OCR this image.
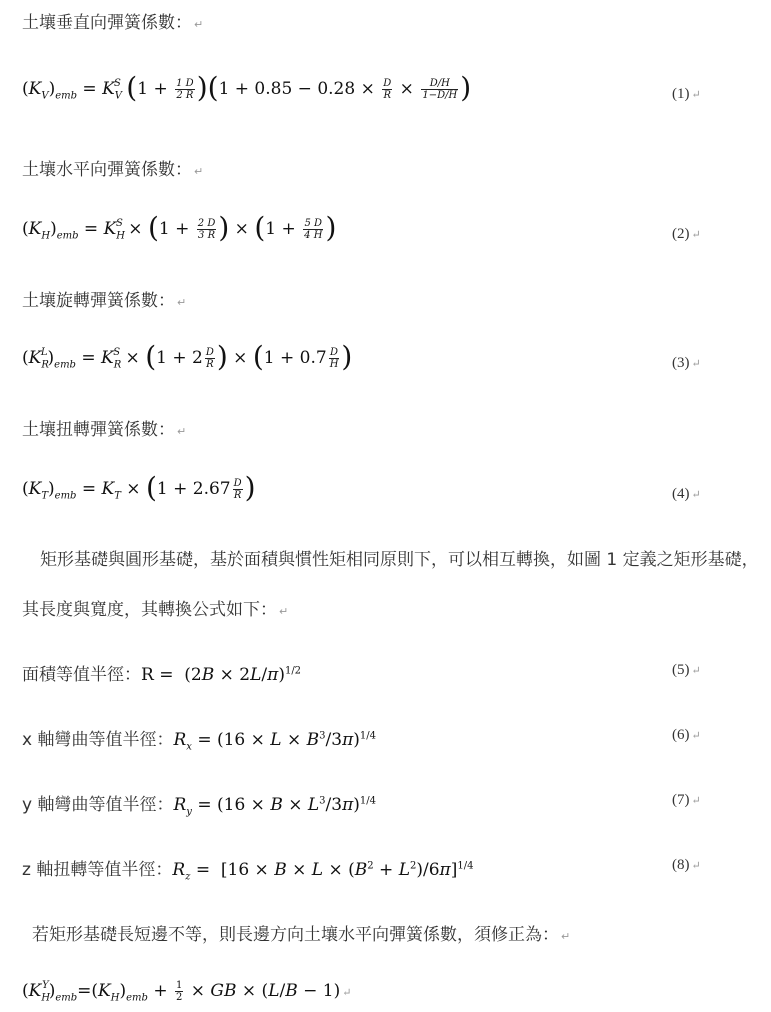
土壤垂直向彈簧係數： ↵
$(K_V)_{emb} = K_V^S$ $(1 + \frac{1 D}{2 R} )(1 + 0.85 - 0.28 \times \frac{D}{R} \times \frac{D/H}{1-D/H}$ )	(1) ↵
土壤水平向彈簧係數： ↵
$(K_H)_{emb} = K_H^S \times (1 + \frac{2 D}{3 R}$ ) × ($1 + \frac{5 D}{4 H}$ )	(2) ↵
土壤旋轉彈簧係數： ↵
$(K_R^L)_{emb} = K_R^S \times (1 + 2 \frac{D}{R}$ ) × ($1 + 0.7 \frac{D}{H}$ )	(3) ↵
土壤扭轉彈簧係數： ↵
$(K_T)_{emb} = K_T \times (1 + 2.67 \frac{D}{R}$ )	(4) ↵
矩形基礎與圓形基礎，基於面積與慣性矩相同原則下，可以相互轉換，如圖 1 定義之矩形基礎，
其長度與寬度，其轉換公式如下： ↵
面積等值半徑：$R = (2B \times 2L/\pi)^{1/2}$	(5) ↵
x 軸彎曲等值半徑：$R_x = (16 \times L \times B^3/3\pi)^{1/4}$	(6) ↵
y 軸彎曲等值半徑：$R_y = (16 \times B \times L^3/3\pi)^{1/4}$	(7) ↵
z 軸扭轉等值半徑：$R_z = [16 \times B \times L \times (B^2 + L^2)/6\pi]^{1/4}$	(8) ↵
若矩形基礎長短邊不等，則長邊方向土壤水平向彈簧係數，須修正為： ↵
$(K_H^Y)_{emb}=(K_H)_{emb} + \frac{1}{2}$ × GB × (L/B − 1) ↵
